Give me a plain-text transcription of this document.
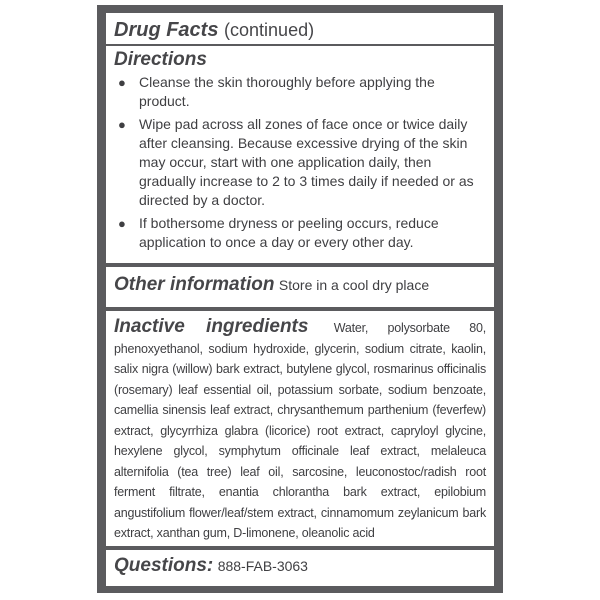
Drug Facts (continued)
Directions
● Cleanse the skin thoroughly before applying the product.
● Wipe pad across all zones of face once or twice daily after cleansing. Because excessive drying of the skin may occur, start with one application daily, then gradually increase to 2 to 3 times daily if needed or as directed by a doctor.
● If bothersome dryness or peeling occurs, reduce application to once a day or every other day.
Other information Store in a cool dry place
Inactive ingredients Water, polysorbate 80, phenoxyethanol, sodium hydroxide, glycerin, sodium citrate, kaolin, salix nigra (willow) bark extract, butylene glycol, rosmarinus officinalis (rosemary) leaf essential oil, potassium sorbate, sodium benzoate, camellia sinensis leaf extract, chrysanthemum parthenium (feverfew) extract, glycyrrhiza glabra (licorice) root extract, capryloyl glycine, hexylene glycol, symphytum officinale leaf extract, melaleuca alternifolia (tea tree) leaf oil, sarcosine, leuconostoc/radish root ferment filtrate, enantia chlorantha bark extract, epilobium angustifolium flower/leaf/stem extract, cinnamomum zeylanicum bark extract, xanthan gum, D-limonene, oleanolic acid
Questions: 888-FAB-3063
